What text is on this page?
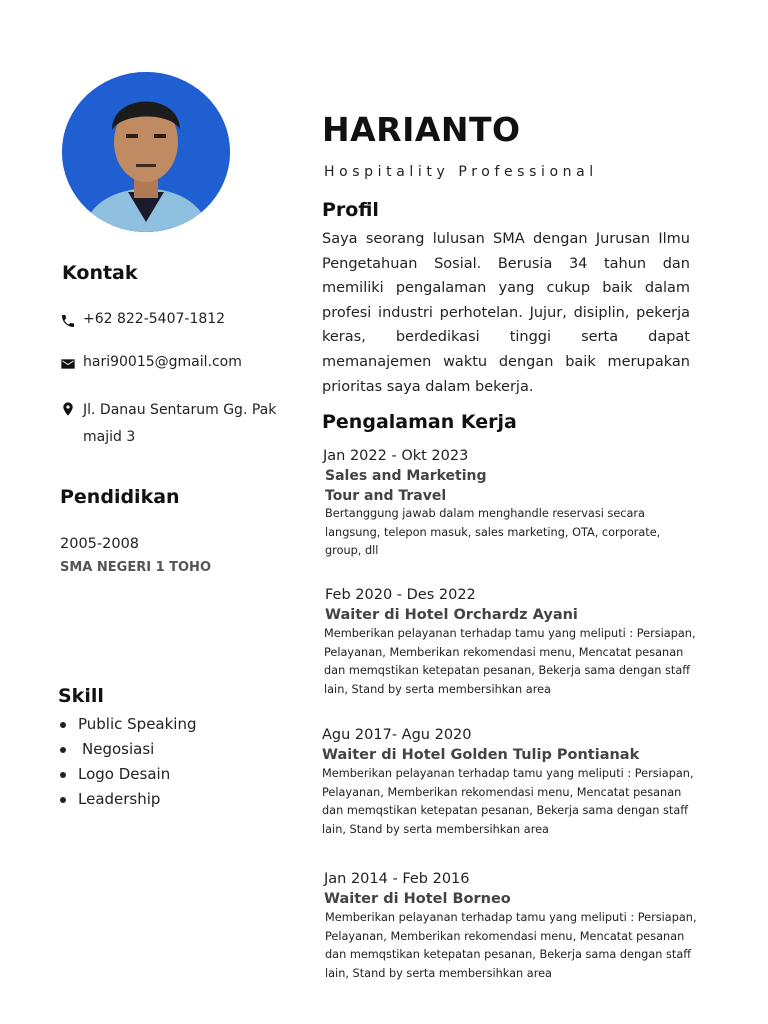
Kontak
+62 822-5407-1812
hari90015@gmail.com
Jl. Danau Sentarum Gg. Pak
majid 3
Pendidikan
2005-2008
SMA NEGERI 1 TOHO
Skill
Public Speaking
Negosiasi
Logo Desain
Leadership
HARIANTO
Hospitality Professional
Profil

Saya seorang lulusan SMA dengan Jurusan Ilmu Pengetahuan Sosial. Berusia 34 tahun dan memiliki pengalaman yang cukup baik dalam profesi industri perhotelan. Jujur, disiplin, pekerja keras, berdedikasi tinggi serta dapat memanajemen waktu dengan baik merupakan prioritas saya dalam bekerja.

Pengalaman Kerja
Jan 2022 - Okt 2023
Sales and Marketing
Tour and Travel

Bertanggung jawab dalam menghandle reservasi secara

langsung, telepon masuk, sales marketing, OTA, corporate,

group, dll

Feb 2020 - Des 2022
Waiter di Hotel Orchardz Ayani

Memberikan pelayanan terhadap tamu yang meliputi : Persiapan,

Pelayanan, Memberikan rekomendasi menu, Mencatat pesanan

dan memqstikan ketepatan pesanan, Bekerja sama dengan staff

lain, Stand by serta membersihkan area

Agu 2017- Agu 2020
Waiter di Hotel Golden Tulip Pontianak

Memberikan pelayanan terhadap tamu yang meliputi : Persiapan,

Pelayanan, Memberikan rekomendasi menu, Mencatat pesanan

dan memqstikan ketepatan pesanan, Bekerja sama dengan staff

lain, Stand by serta membersihkan area

Jan 2014 - Feb 2016
Waiter di Hotel Borneo

Memberikan pelayanan terhadap tamu yang meliputi : Persiapan,

Pelayanan, Memberikan rekomendasi menu, Mencatat pesanan

dan memqstikan ketepatan pesanan, Bekerja sama dengan staff

lain, Stand by serta membersihkan area
